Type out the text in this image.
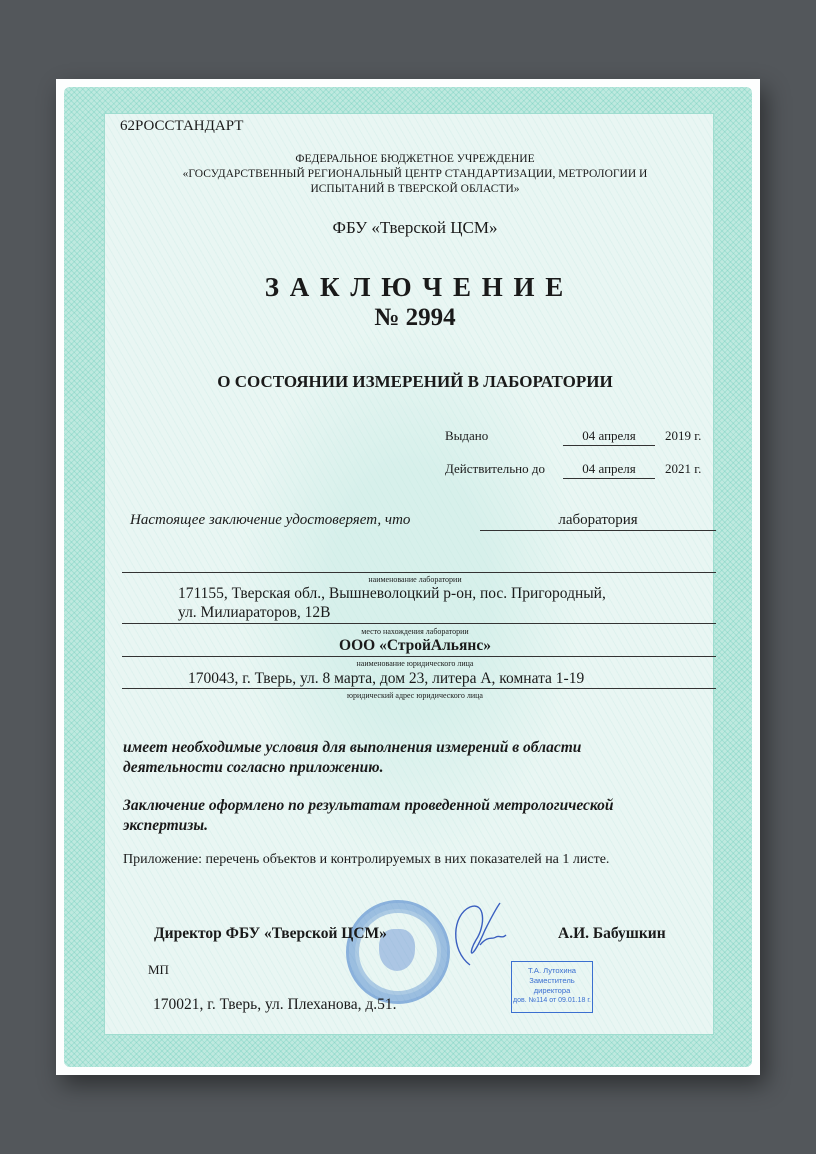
62РОССТАНДАРТ
ФЕДЕРАЛЬНОЕ БЮДЖЕТНОЕ УЧРЕЖДЕНИЕ
«ГОСУДАРСТВЕННЫЙ РЕГИОНАЛЬНЫЙ ЦЕНТР СТАНДАРТИЗАЦИИ, МЕТРОЛОГИИ И
ИСПЫТАНИЙ В ТВЕРСКОЙ ОБЛАСТИ»
ФБУ «Тверской ЦСМ»
З А К Л Ю Ч Е Н И Е
№ 2994
О СОСТОЯНИИ ИЗМЕРЕНИЙ В ЛАБОРАТОРИИ
Выдано	04 апреля	2019 г.
Действительно до	04 апреля	2021 г.
Настоящее заключение удостоверяет, что	лаборатория
наименование лаборатории
171155, Тверская обл., Вышневолоцкий р-он, пос. Пригородный,
ул. Милиараторов, 12В
место нахождения лаборатории
ООО «СтройАльянс»
наименование юридического лица
170043, г. Тверь, ул. 8 марта, дом 23, литера А, комната 1-19
юридический адрес юридического лица
имеет необходимые условия для выполнения измерений в области
деятельности согласно приложению.
Заключение оформлено по результатам проведенной метрологической
экспертизы.
Приложение: перечень объектов и контролируемых в них показателей на 1 листе.
Директор ФБУ «Тверской ЦСМ»	А.И. Бабушкин
МП
170021, г. Тверь, ул. Плеханова, д.51.
Т.А. Лутохина
Заместитель
директора
дов. №114 от 09.01.18 г.
